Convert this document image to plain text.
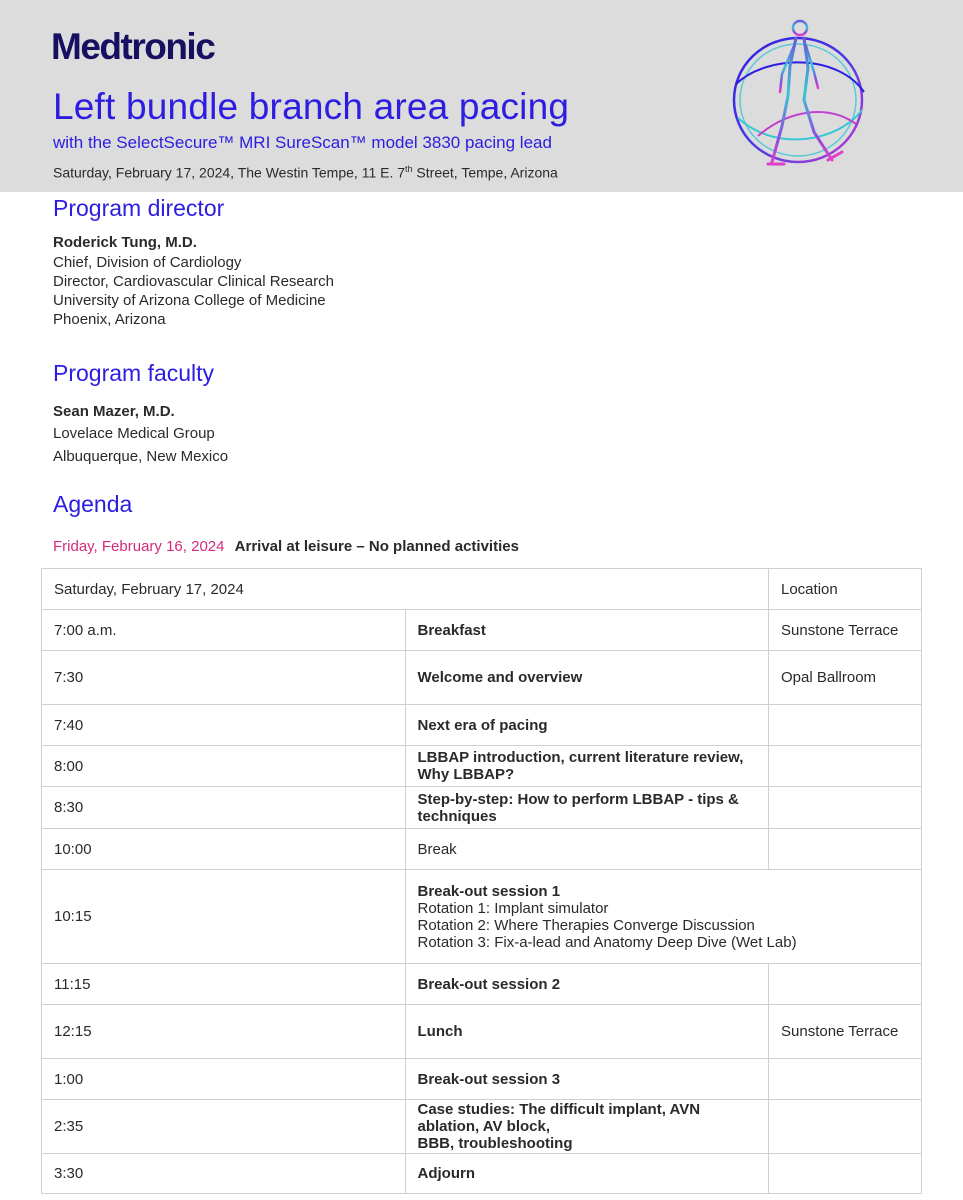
Medtronic
Left bundle branch area pacing
with the SelectSecure™ MRI SureScan™ model 3830 pacing lead
Saturday, February 17, 2024, The Westin Tempe, 11 E. 7th Street, Tempe, Arizona
Program director
Roderick Tung, M.D.
Chief, Division of Cardiology
Director, Cardiovascular Clinical Research
University of Arizona College of Medicine
Phoenix, Arizona
Program faculty
Sean Mazer, M.D.
Lovelace Medical Group
Albuquerque, New Mexico
Agenda
Friday, February 16, 2024 Arrival at leisure – No planned activities
Saturday, February 17, 2024		Location
7:00 a.m.	Breakfast	Sunstone Terrace
7:30	Welcome and overview	Opal Ballroom
7:40	Next era of pacing	
8:00	LBBAP introduction, current literature review, Why LBBAP?	
8:30	Step-by-step: How to perform LBBAP - tips & techniques	
10:00	Break	
10:15	Break-out session 1
Rotation 1: Implant simulator
Rotation 2: Where Therapies Converge Discussion
Rotation 3: Fix-a-lead and Anatomy Deep Dive (Wet Lab)	

11:15	Break-out session 2	
12:15	Lunch	Sunstone Terrace
1:00	Break-out session 3	
2:35	Case studies: The difficult implant, AVN ablation, AV block,
BBB, troubleshooting	

3:30	Adjourn	
